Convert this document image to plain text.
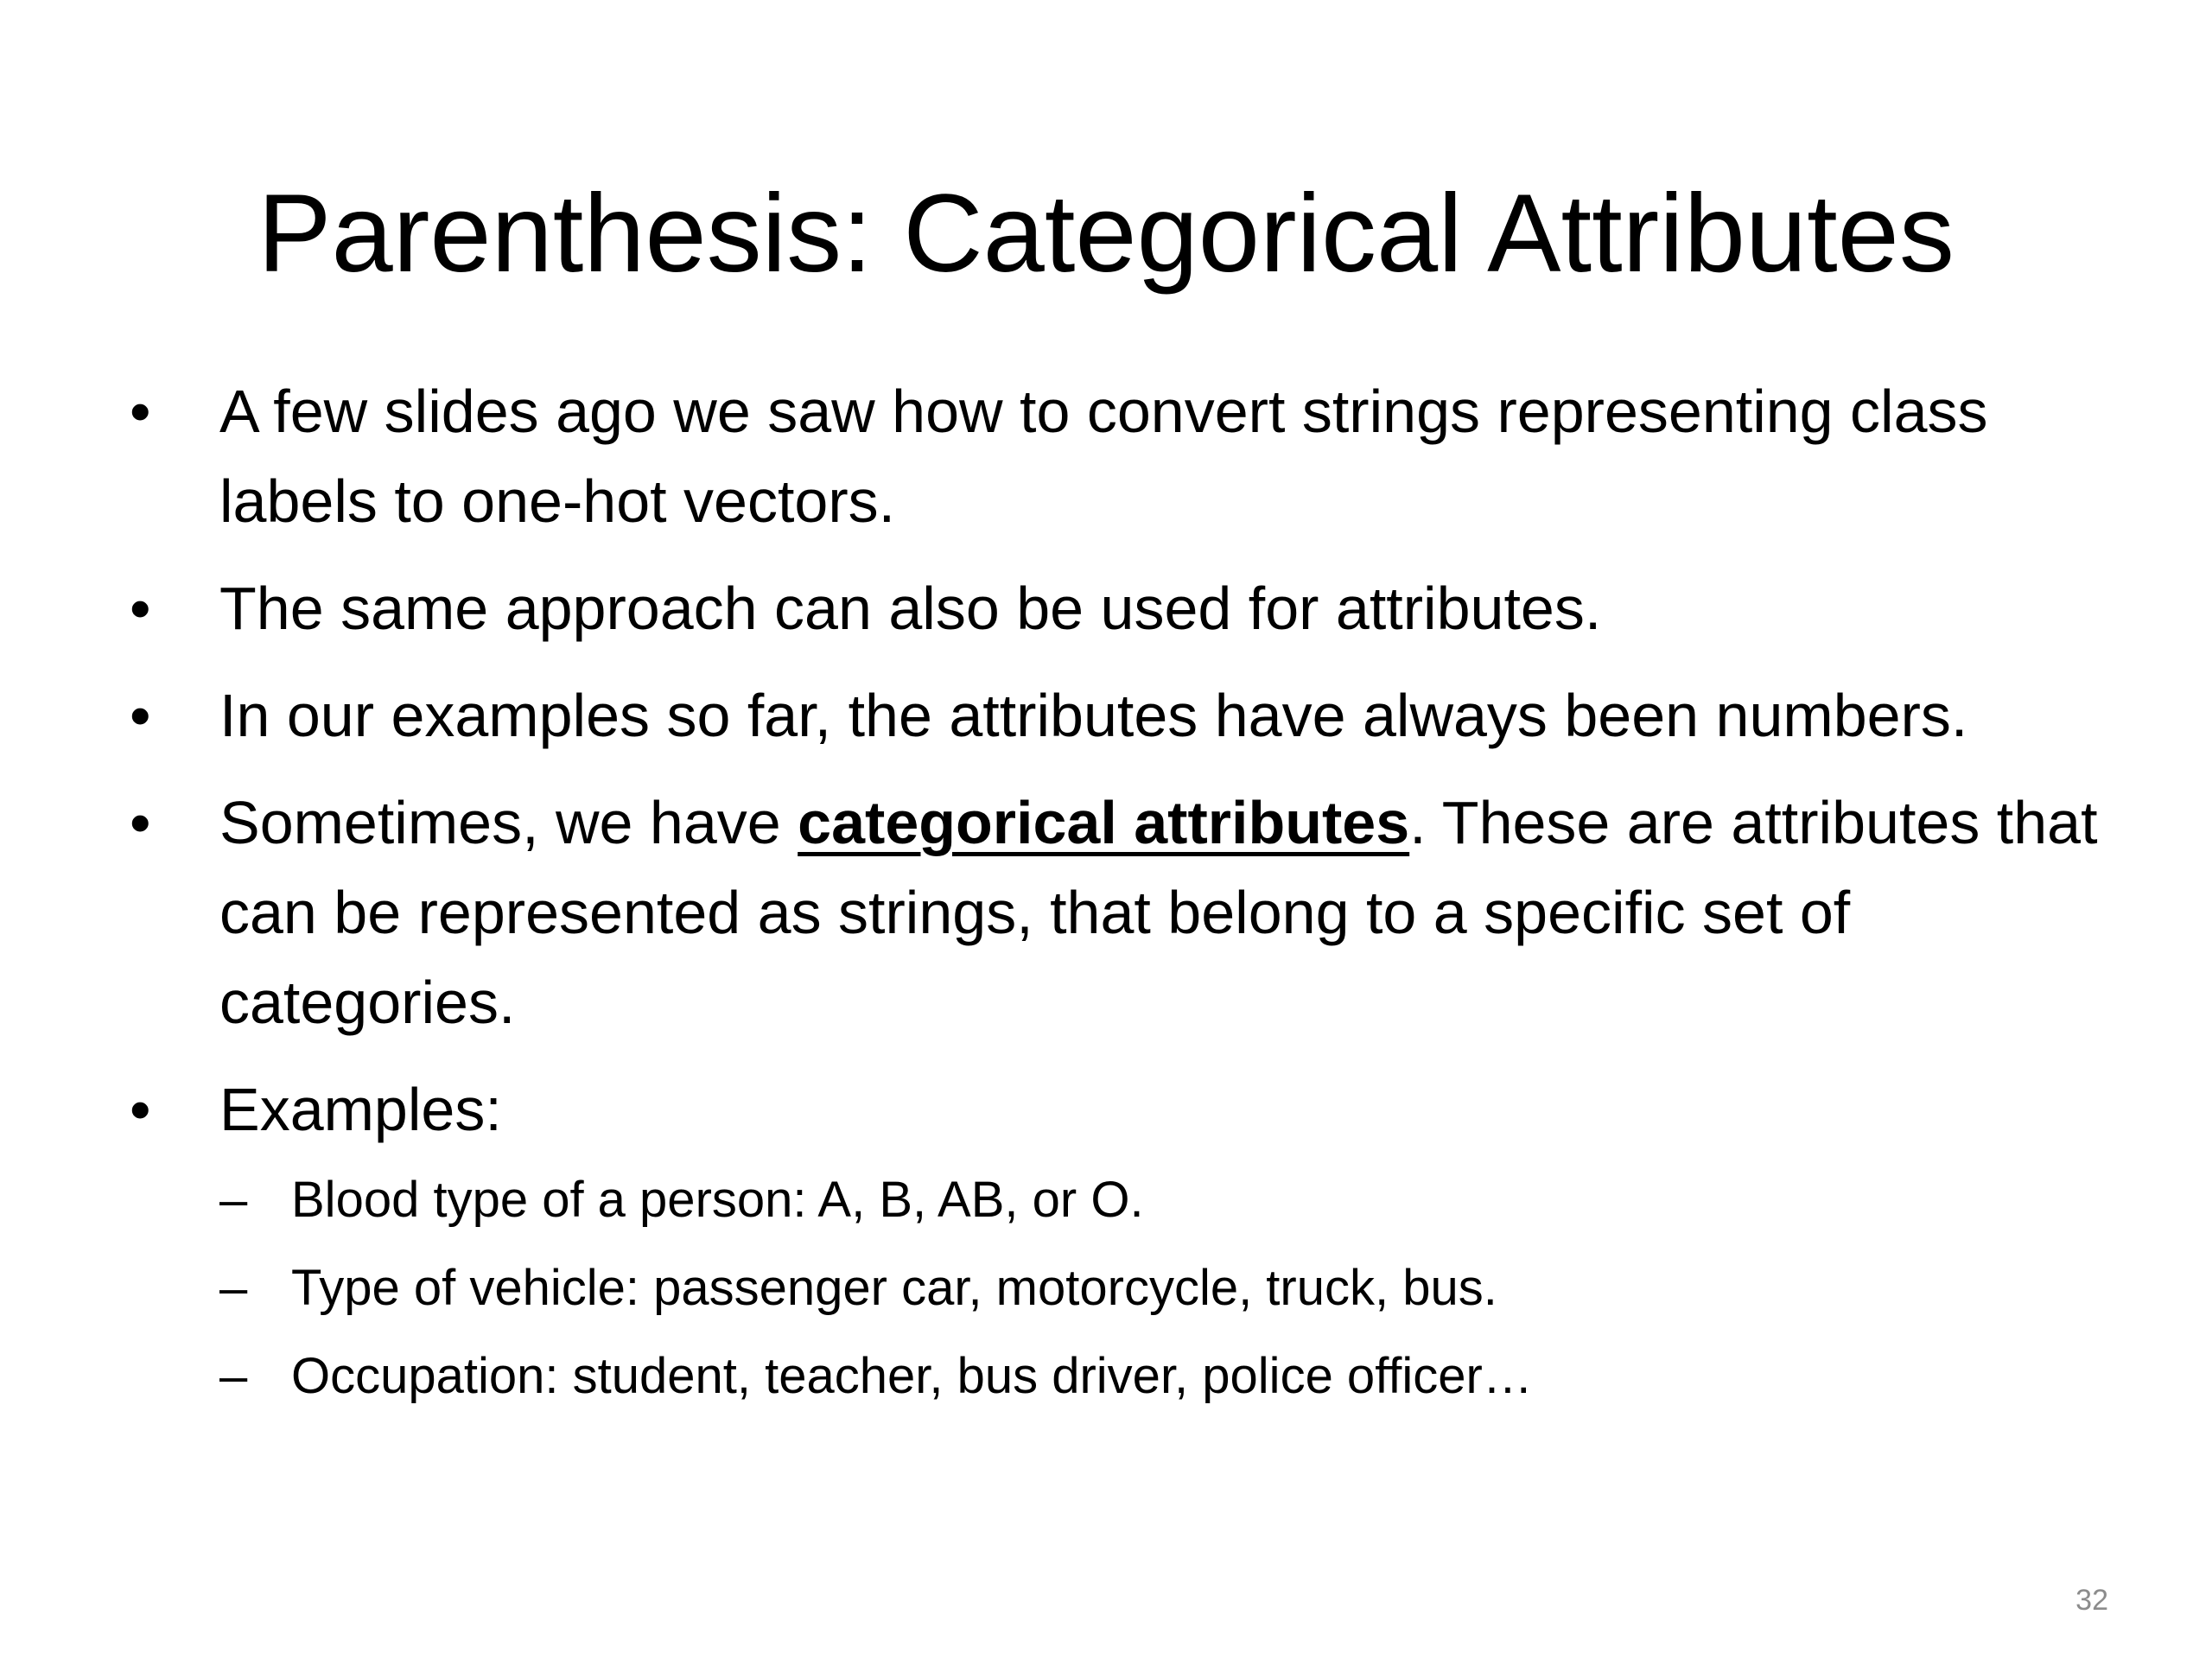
Parenthesis: Categorical Attributes
•	A few slides ago we saw how to convert strings representing class labels to one-hot vectors.
•	The same approach can also be used for attributes.
•	In our examples so far, the attributes have always been numbers.
•	Sometimes, we have categorical attributes. These are attributes that can be represented as strings, that belong to a specific set of categories.
•	Examples:
– Blood type of a person: A, B, AB, or O.
– Type of vehicle: passenger car, motorcycle, truck, bus.
– Occupation: student, teacher, bus driver, police officer…
32
